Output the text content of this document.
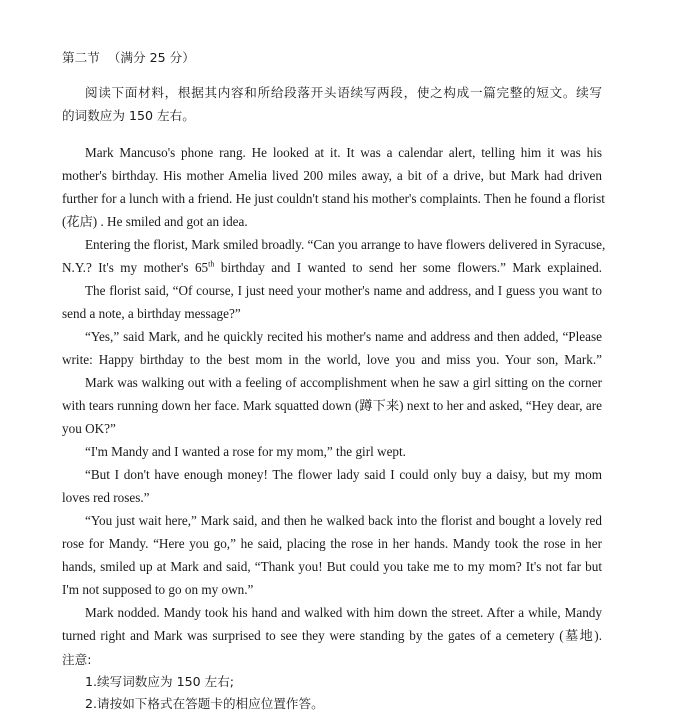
第二节 （满分 25 分）
阅读下面材料，根据其内容和所给段落开头语续写两段，使之构成一篇完整的短文。续写
的词数应为 150 左右。
Mark Mancuso's phone rang. He looked at it. It was a calendar alert, telling him it was his
mother's birthday. His mother Amelia lived 200 miles away, a bit of a drive, but Mark had driven
further for a lunch with a friend. He just couldn't stand his mother's complaints. Then he found a florist
(花店) . He smiled and got an idea.
Entering the florist, Mark smiled broadly. “Can you arrange to have flowers delivered in Syracuse,
N.Y.? It's my mother's 65th birthday and I wanted to send her some flowers.” Mark explained.
The florist said, “Of course, I just need your mother's name and address, and I guess you want to
send a note, a birthday message?”
“Yes,” said Mark, and he quickly recited his mother's name and address and then added, “Please
write: Happy birthday to the best mom in the world, love you and miss you. Your son, Mark.”
Mark was walking out with a feeling of accomplishment when he saw a girl sitting on the corner
with tears running down her face. Mark squatted down (蹲下来) next to her and asked, “Hey dear, are
you OK?”
“I'm Mandy and I wanted a rose for my mom,” the girl wept.
“But I don't have enough money! The flower lady said I could only buy a daisy, but my mom
loves red roses.”
“You just wait here,” Mark said, and then he walked back into the florist and bought a lovely red
rose for Mandy. “Here you go,” he said, placing the rose in her hands. Mandy took the rose in her
hands, smiled up at Mark and said, “Thank you! But could you take me to my mom? It's not far but
I'm not supposed to go on my own.”
Mark nodded. Mandy took his hand and walked with him down the street. After a while, Mandy
turned right and Mark was surprised to see they were standing by the gates of a cemetery (墓地).
注意:
1.续写词数应为 150 左右;
2.请按如下格式在答题卡的相应位置作答。
